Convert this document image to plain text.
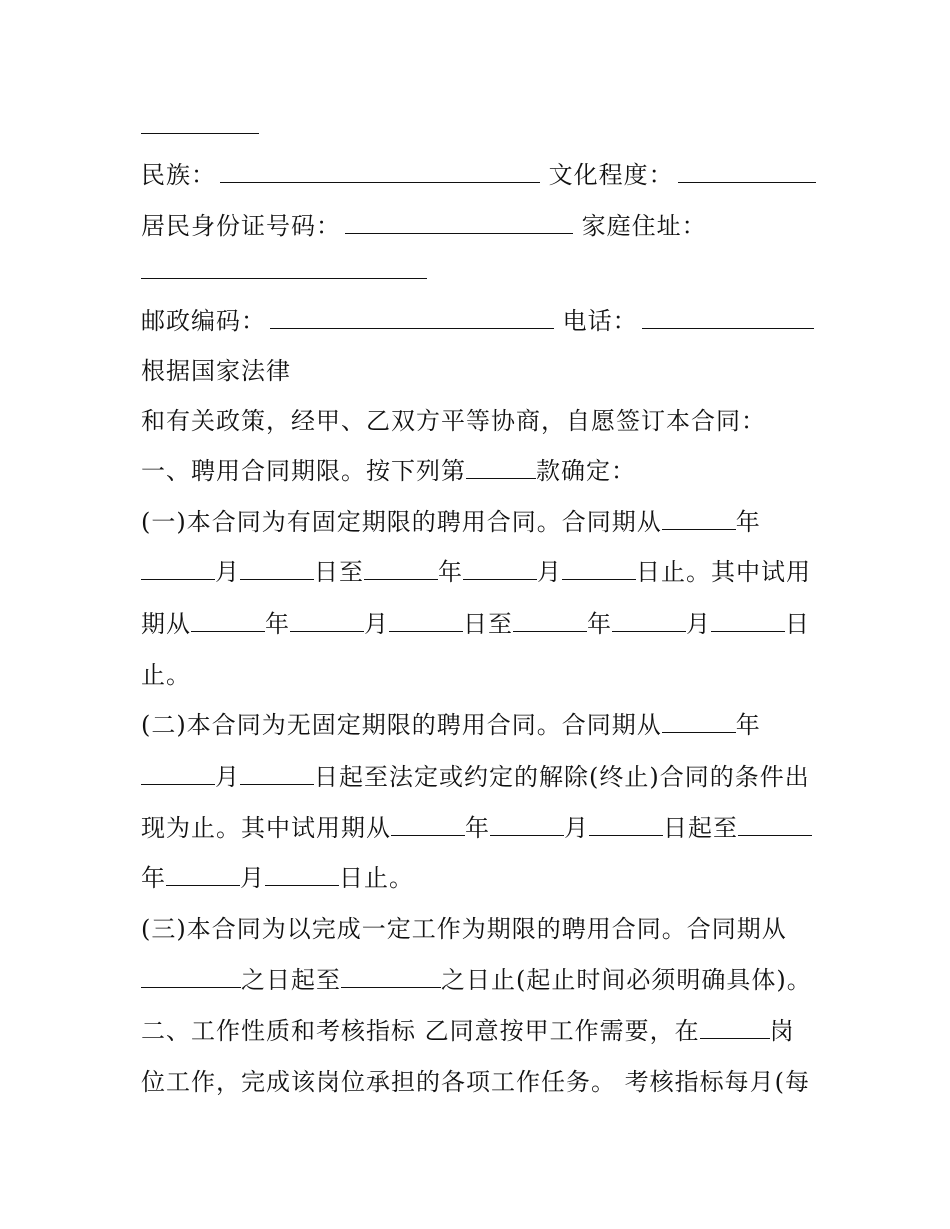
民族：	文化程度：
居民身份证号码：	家庭住址：
邮政编码：	电话：
根据国家法律
和有关政策，经甲、乙双方平等协商，自愿签订本合同：
一、聘用合同期限。按下列第	款确定：
(一)本合同为有固定期限的聘用合同。合同期从	年
月	日至	年	月	日止。其中试用
期从	年	月	日至	年	月	日
止。
(二)本合同为无固定期限的聘用合同。合同期从	年
月	日起至法定或约定的解除(终止)合同的条件出
现为止。其中试用期从	年	月	日起至
年	月	日止。
(三)本合同为以完成一定工作为期限的聘用合同。合同期从
之日起至	之日止(起止时间必须明确具体)。
二、工作性质和考核指标 乙同意按甲工作需要，在	岗
位工作，完成该岗位承担的各项工作任务。 考核指标每月(每
